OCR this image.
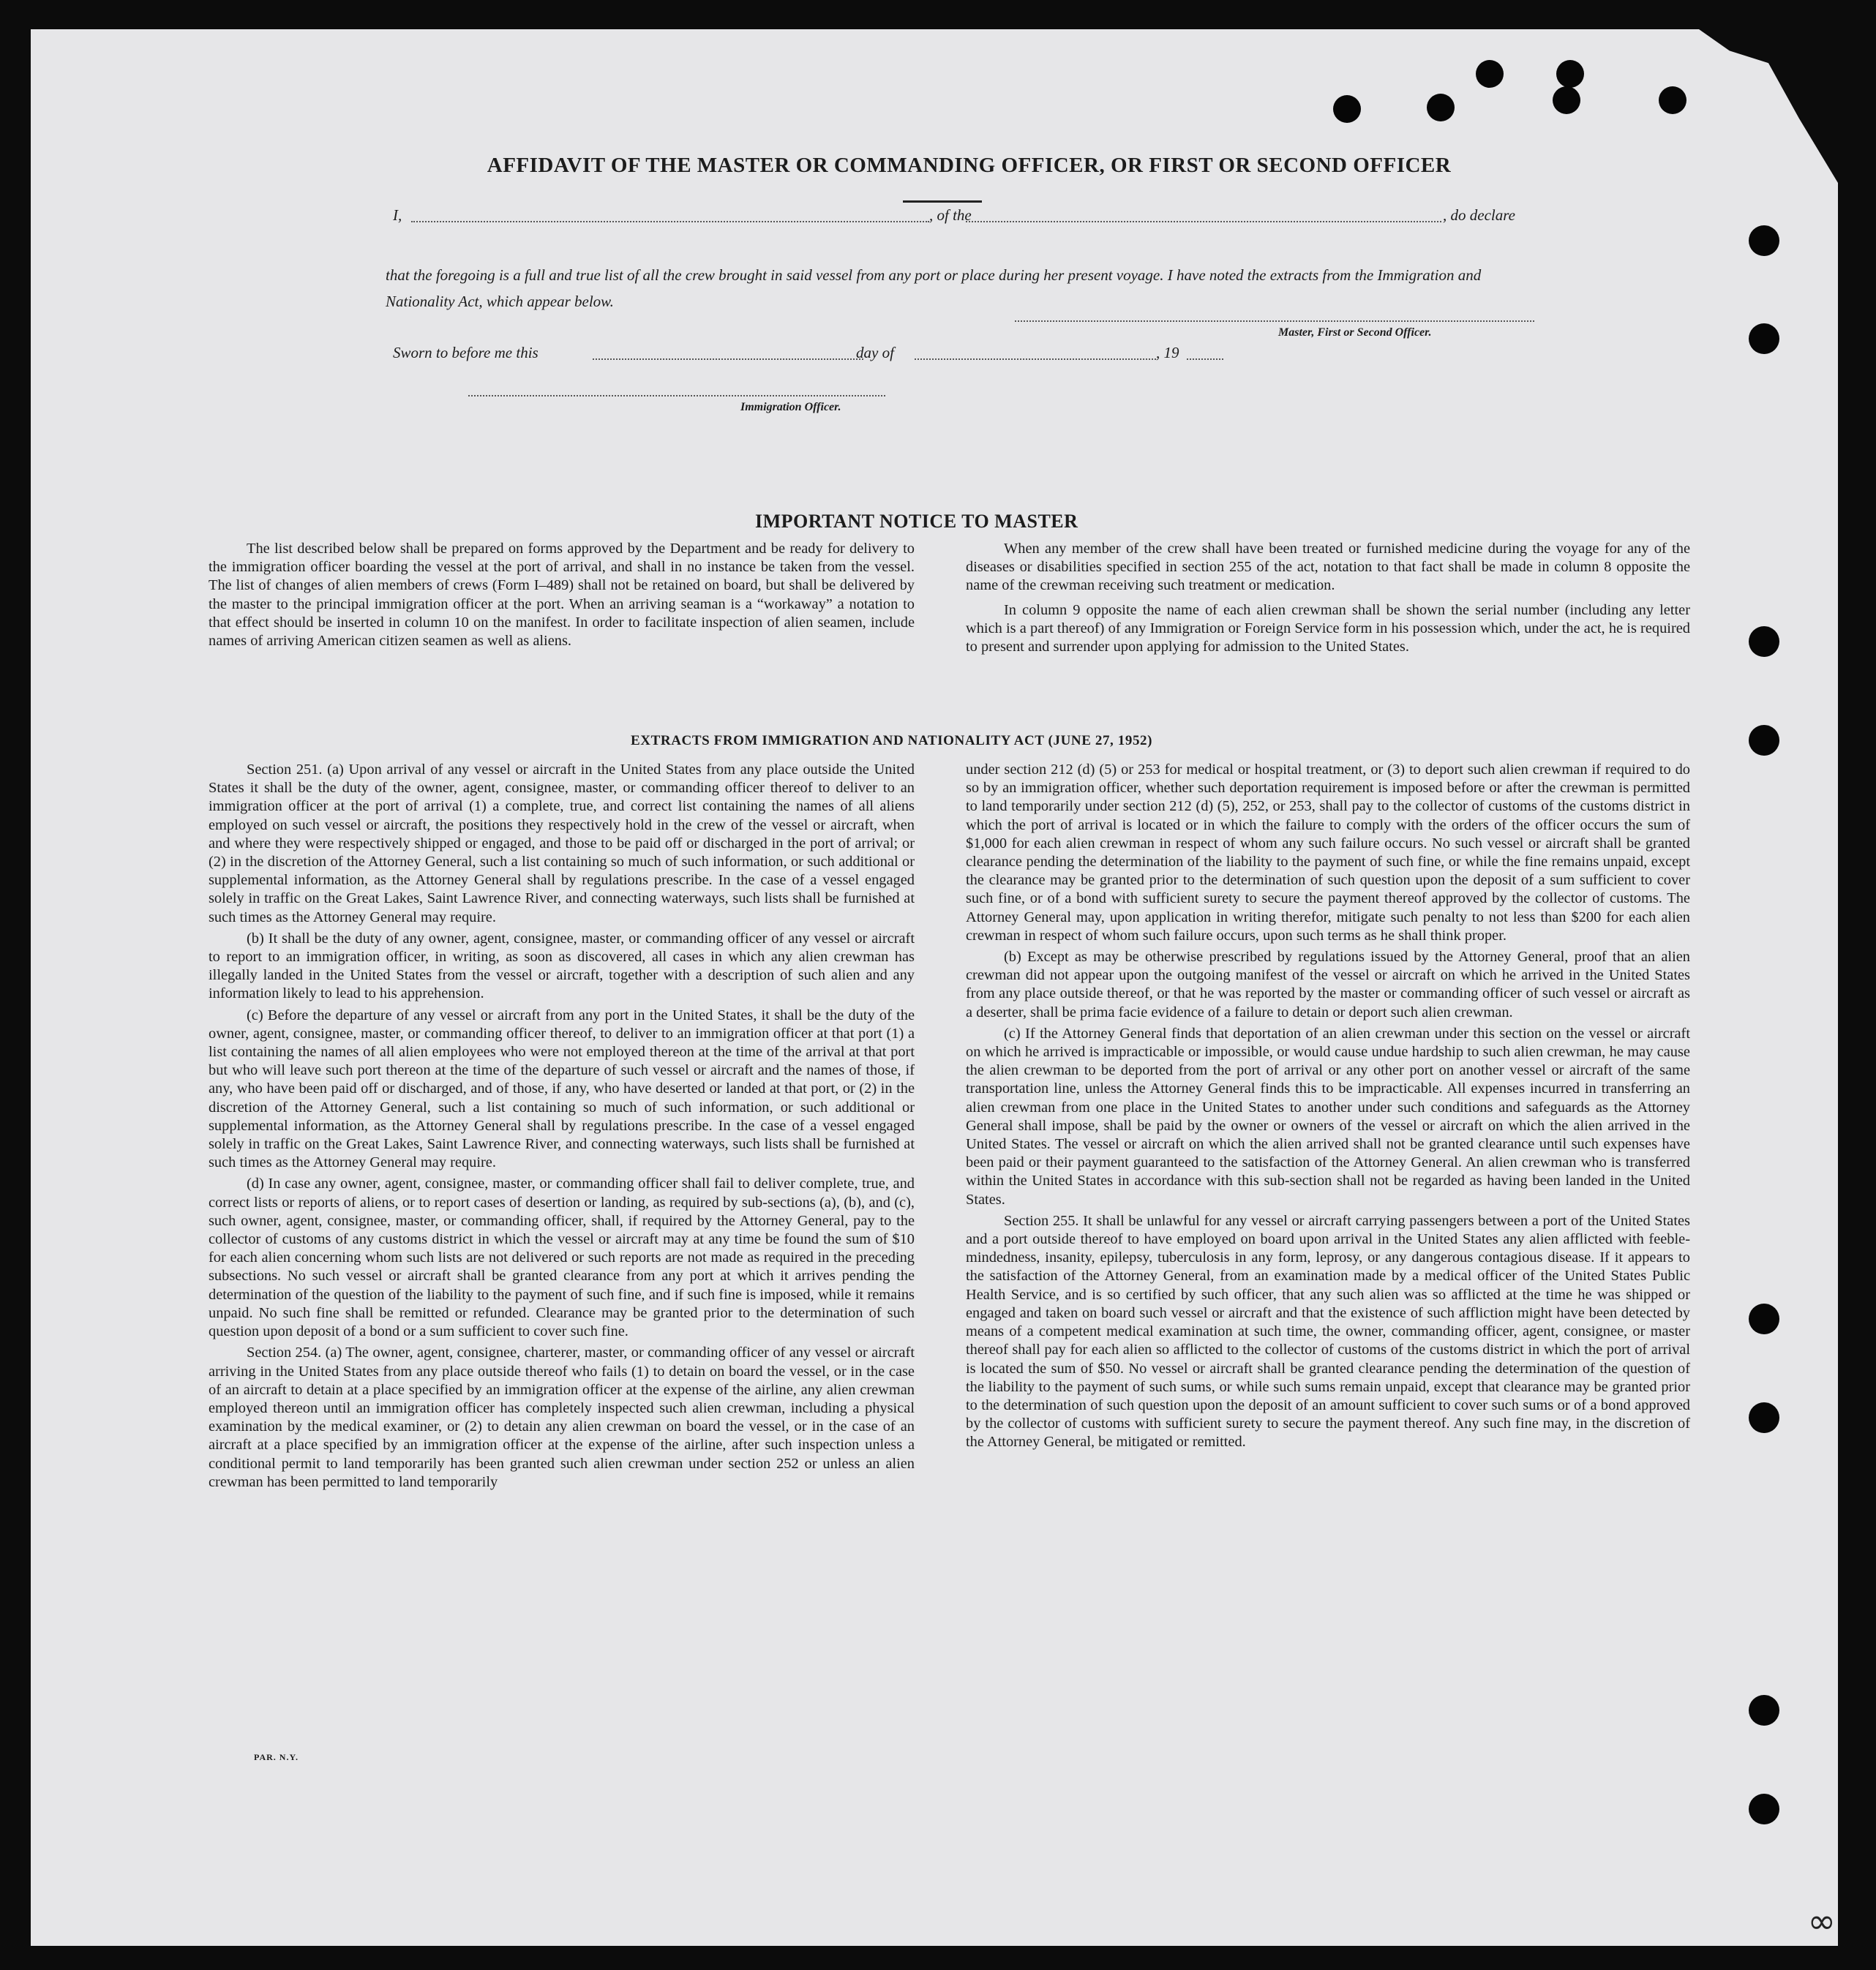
AFFIDAVIT OF THE MASTER OR COMMANDING OFFICER, OR FIRST OR SECOND OFFICER
I,	, of the	, do declare
that the foregoing is a full and true list of all the crew brought in said vessel from any port or place during her present voyage. I have noted the extracts from the Immigration and Nationality Act, which appear below.
Master, First or Second Officer.
Sworn to before me this	day of	, 19
Immigration Officer.
IMPORTANT NOTICE TO MASTER

The list described below shall be prepared on forms approved by the Department and be ready for delivery to the immigration officer boarding the vessel at the port of arrival, and shall in no instance be taken from the vessel. The list of changes of alien members of crews (Form I–489) shall not be retained on board, but shall be delivered by the master to the principal immigration officer at the port. When an arriving seaman is a “workaway” a notation to that effect should be inserted in column 10 on the manifest. In order to facilitate inspection of alien seamen, include names of arriving American citizen seamen as well as aliens.

When any member of the crew shall have been treated or furnished medicine during the voyage for any of the diseases or disabilities specified in section 255 of the act, notation to that fact shall be made in column 8 opposite the name of the crewman receiving such treatment or medication.

In column 9 opposite the name of each alien crewman shall be shown the serial number (including any letter which is a part thereof) of any Immigration or Foreign Service form in his possession which, under the act, he is required to present and surrender upon applying for admission to the United States.

EXTRACTS FROM IMMIGRATION AND NATIONALITY ACT (JUNE 27, 1952)

Section 251. (a) Upon arrival of any vessel or aircraft in the United States from any place outside the United States it shall be the duty of the owner, agent, consignee, master, or commanding officer thereof to deliver to an immigration officer at the port of arrival (1) a complete, true, and correct list containing the names of all aliens employed on such vessel or aircraft, the positions they respectively hold in the crew of the vessel or aircraft, when and where they were respectively shipped or engaged, and those to be paid off or discharged in the port of arrival; or (2) in the discretion of the Attorney General, such a list containing so much of such information, or such additional or supplemental information, as the Attorney General shall by regulations prescribe. In the case of a vessel engaged solely in traffic on the Great Lakes, Saint Lawrence River, and connecting waterways, such lists shall be furnished at such times as the Attorney General may require.

(b) It shall be the duty of any owner, agent, consignee, master, or commanding officer of any vessel or aircraft to report to an immigration officer, in writing, as soon as discovered, all cases in which any alien crewman has illegally landed in the United States from the vessel or aircraft, together with a description of such alien and any information likely to lead to his apprehension.

(c) Before the departure of any vessel or aircraft from any port in the United States, it shall be the duty of the owner, agent, consignee, master, or commanding officer thereof, to deliver to an immigration officer at that port (1) a list containing the names of all alien employees who were not employed thereon at the time of the arrival at that port but who will leave such port thereon at the time of the departure of such vessel or aircraft and the names of those, if any, who have been paid off or discharged, and of those, if any, who have deserted or landed at that port, or (2) in the discretion of the Attorney General, such a list containing so much of such information, or such additional or supplemental information, as the Attorney General shall by regulations prescribe. In the case of a vessel engaged solely in traffic on the Great Lakes, Saint Lawrence River, and connecting waterways, such lists shall be furnished at such times as the Attorney General may require.

(d) In case any owner, agent, consignee, master, or commanding officer shall fail to deliver complete, true, and correct lists or reports of aliens, or to report cases of desertion or landing, as required by sub-sections (a), (b), and (c), such owner, agent, consignee, master, or commanding officer, shall, if required by the Attorney General, pay to the collector of customs of any customs district in which the vessel or aircraft may at any time be found the sum of $10 for each alien concerning whom such lists are not delivered or such reports are not made as required in the preceding subsections. No such vessel or aircraft shall be granted clearance from any port at which it arrives pending the determination of the question of the liability to the payment of such fine, and if such fine is imposed, while it remains unpaid. No such fine shall be remitted or refunded. Clearance may be granted prior to the determination of such question upon deposit of a bond or a sum sufficient to cover such fine.

Section 254. (a) The owner, agent, consignee, charterer, master, or commanding officer of any vessel or aircraft arriving in the United States from any place outside thereof who fails (1) to detain on board the vessel, or in the case of an aircraft to detain at a place specified by an immigration officer at the expense of the airline, any alien crewman employed thereon until an immigration officer has completely inspected such alien crewman, including a physical examination by the medical examiner, or (2) to detain any alien crewman on board the vessel, or in the case of an aircraft at a place specified by an immigration officer at the expense of the airline, after such inspection unless a conditional permit to land temporarily has been granted such alien crewman under section 252 or unless an alien crewman has been permitted to land temporarily

under section 212 (d) (5) or 253 for medical or hospital treatment, or (3) to deport such alien crewman if required to do so by an immigration officer, whether such deportation requirement is imposed before or after the crewman is permitted to land temporarily under section 212 (d) (5), 252, or 253, shall pay to the collector of customs of the customs district in which the port of arrival is located or in which the failure to comply with the orders of the officer occurs the sum of $1,000 for each alien crewman in respect of whom any such failure occurs. No such vessel or aircraft shall be granted clearance pending the determination of the liability to the payment of such fine, or while the fine remains unpaid, except the clearance may be granted prior to the determination of such question upon the deposit of a sum sufficient to cover such fine, or of a bond with sufficient surety to secure the payment thereof approved by the collector of customs. The Attorney General may, upon application in writing therefor, mitigate such penalty to not less than $200 for each alien crewman in respect of whom such failure occurs, upon such terms as he shall think proper.

(b) Except as may be otherwise prescribed by regulations issued by the Attorney General, proof that an alien crewman did not appear upon the outgoing manifest of the vessel or aircraft on which he arrived in the United States from any place outside thereof, or that he was reported by the master or commanding officer of such vessel or aircraft as a deserter, shall be prima facie evidence of a failure to detain or deport such alien crewman.

(c) If the Attorney General finds that deportation of an alien crewman under this section on the vessel or aircraft on which he arrived is impracticable or impossible, or would cause undue hardship to such alien crewman, he may cause the alien crewman to be deported from the port of arrival or any other port on another vessel or aircraft of the same transportation line, unless the Attorney General finds this to be impracticable. All expenses incurred in transferring an alien crewman from one place in the United States to another under such conditions and safeguards as the Attorney General shall impose, shall be paid by the owner or owners of the vessel or aircraft on which the alien arrived in the United States. The vessel or aircraft on which the alien arrived shall not be granted clearance until such expenses have been paid or their payment guaranteed to the satisfaction of the Attorney General. An alien crewman who is transferred within the United States in accordance with this sub-section shall not be regarded as having been landed in the United States.

Section 255. It shall be unlawful for any vessel or aircraft carrying passengers between a port of the United States and a port outside thereof to have employed on board upon arrival in the United States any alien afflicted with feeble-mindedness, insanity, epilepsy, tuberculosis in any form, leprosy, or any dangerous contagious disease. If it appears to the satisfaction of the Attorney General, from an examination made by a medical officer of the United States Public Health Service, and is so certified by such officer, that any such alien was so afflicted at the time he was shipped or engaged and taken on board such vessel or aircraft and that the existence of such affliction might have been detected by means of a competent medical examination at such time, the owner, commanding officer, agent, consignee, or master thereof shall pay for each alien so afflicted to the collector of customs of the customs district in which the port of arrival is located the sum of $50. No vessel or aircraft shall be granted clearance pending the determination of the question of the liability to the payment of such sums, or while such sums remain unpaid, except that clearance may be granted prior to the determination of such question upon the deposit of an amount sufficient to cover such sums or of a bond approved by the collector of customs with sufficient surety to secure the payment thereof. Any such fine may, in the discretion of the Attorney General, be mitigated or remitted.

PAR. N.Y.
∞
